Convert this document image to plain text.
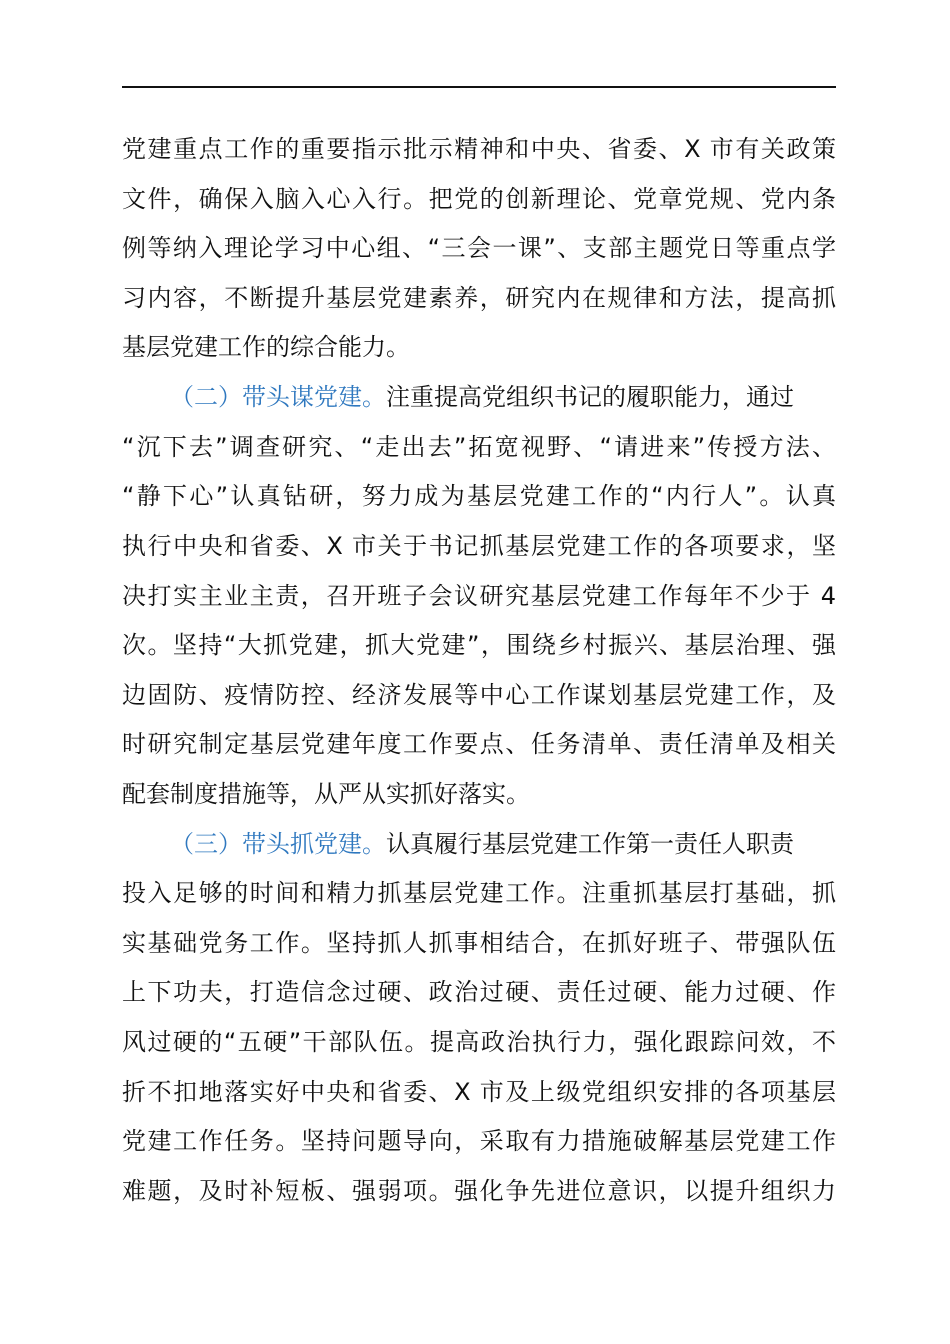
党建重点工作的重要指示批示精神和中央、省委、X 市有关政策
文件，确保入脑入心入行。把党的创新理论、党章党规、党内条
例等纳入理论学习中心组、“三会一课”、支部主题党日等重点学
习内容，不断提升基层党建素养，研究内在规律和方法，提高抓
基层党建工作的综合能力。
（二）带头谋党建。注重提高党组织书记的履职能力，通过
“沉下去”调查研究、“走出去”拓宽视野、“请进来”传授方法、
“静下心”认真钻研，努力成为基层党建工作的“内行人”。认真
执行中央和省委、X 市关于书记抓基层党建工作的各项要求，坚
决打实主业主责，召开班子会议研究基层党建工作每年不少于 4
次。坚持“大抓党建，抓大党建”，围绕乡村振兴、基层治理、强
边固防、疫情防控、经济发展等中心工作谋划基层党建工作，及
时研究制定基层党建年度工作要点、任务清单、责任清单及相关
配套制度措施等，从严从实抓好落实。
（三）带头抓党建。认真履行基层党建工作第一责任人职责
投入足够的时间和精力抓基层党建工作。注重抓基层打基础，抓
实基础党务工作。坚持抓人抓事相结合，在抓好班子、带强队伍
上下功夫，打造信念过硬、政治过硬、责任过硬、能力过硬、作
风过硬的“五硬”干部队伍。提高政治执行力，强化跟踪问效，不
折不扣地落实好中央和省委、X 市及上级党组织安排的各项基层
党建工作任务。坚持问题导向，采取有力措施破解基层党建工作
难题，及时补短板、强弱项。强化争先进位意识，以提升组织力
